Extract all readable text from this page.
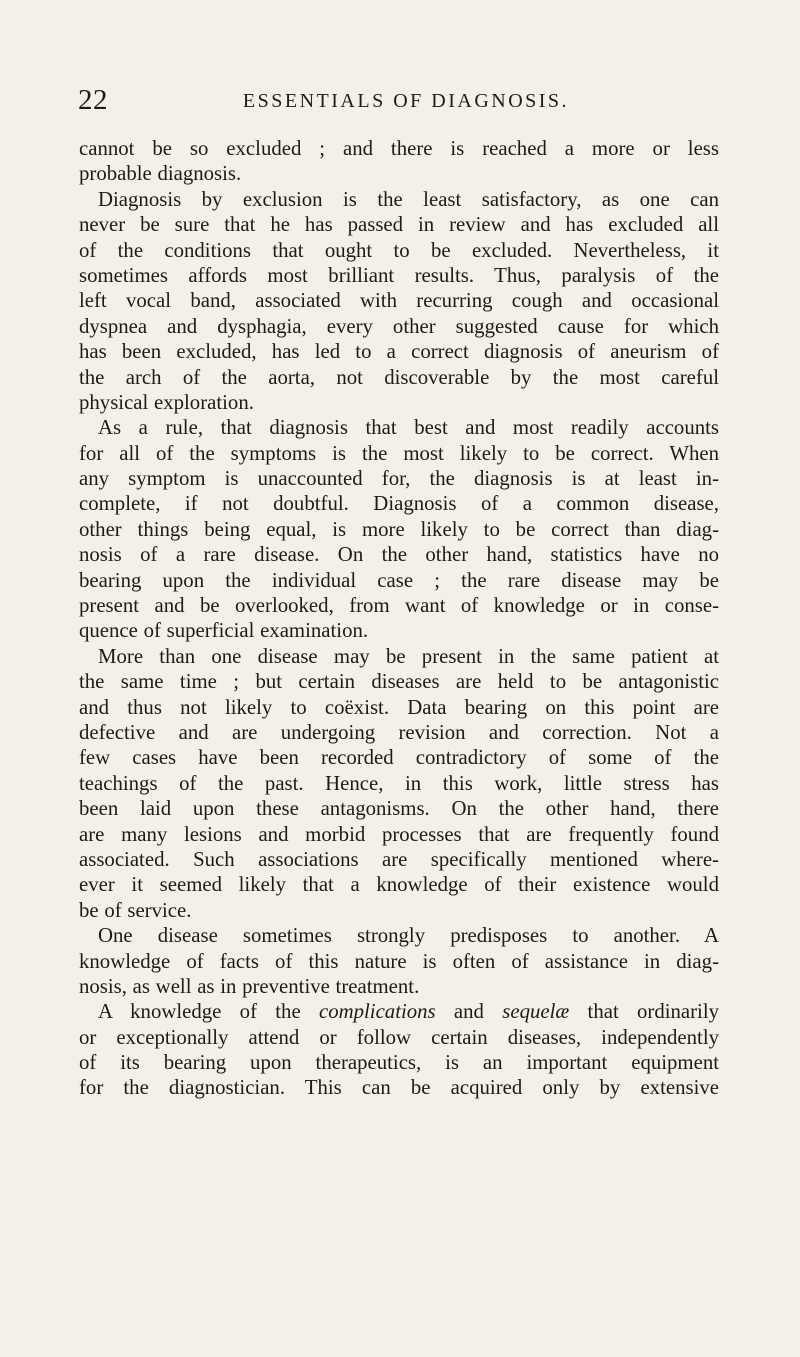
22	ESSENTIALS OF DIAGNOSIS.
cannot be so excluded ; and there is reached a more or less
probable diagnosis.
Diagnosis by exclusion is the least satisfactory, as one can
never be sure that he has passed in review and has excluded all
of the conditions that ought to be excluded. Nevertheless, it
sometimes affords most brilliant results. Thus, paralysis of the
left vocal band, associated with recurring cough and occasional
dyspnea and dysphagia, every other suggested cause for which
has been excluded, has led to a correct diagnosis of aneurism of
the arch of the aorta, not discoverable by the most careful
physical exploration.
As a rule, that diagnosis that best and most readily accounts
for all of the symptoms is the most likely to be correct. When
any symptom is unaccounted for, the diagnosis is at least in-
complete, if not doubtful. Diagnosis of a common disease,
other things being equal, is more likely to be correct than diag-
nosis of a rare disease. On the other hand, statistics have no
bearing upon the individual case ; the rare disease may be
present and be overlooked, from want of knowledge or in conse-
quence of superficial examination.
More than one disease may be present in the same patient at
the same time ; but certain diseases are held to be antagonistic
and thus not likely to coëxist. Data bearing on this point are
defective and are undergoing revision and correction. Not a
few cases have been recorded contradictory of some of the
teachings of the past. Hence, in this work, little stress has
been laid upon these antagonisms. On the other hand, there
are many lesions and morbid processes that are frequently found
associated. Such associations are specifically mentioned where-
ever it seemed likely that a knowledge of their existence would
be of service.
One disease sometimes strongly predisposes to another. A
knowledge of facts of this nature is often of assistance in diag-
nosis, as well as in preventive treatment.
A knowledge of the complications and sequelæ that ordinarily
or exceptionally attend or follow certain diseases, independently
of its bearing upon therapeutics, is an important equipment
for the diagnostician. This can be acquired only by extensive
